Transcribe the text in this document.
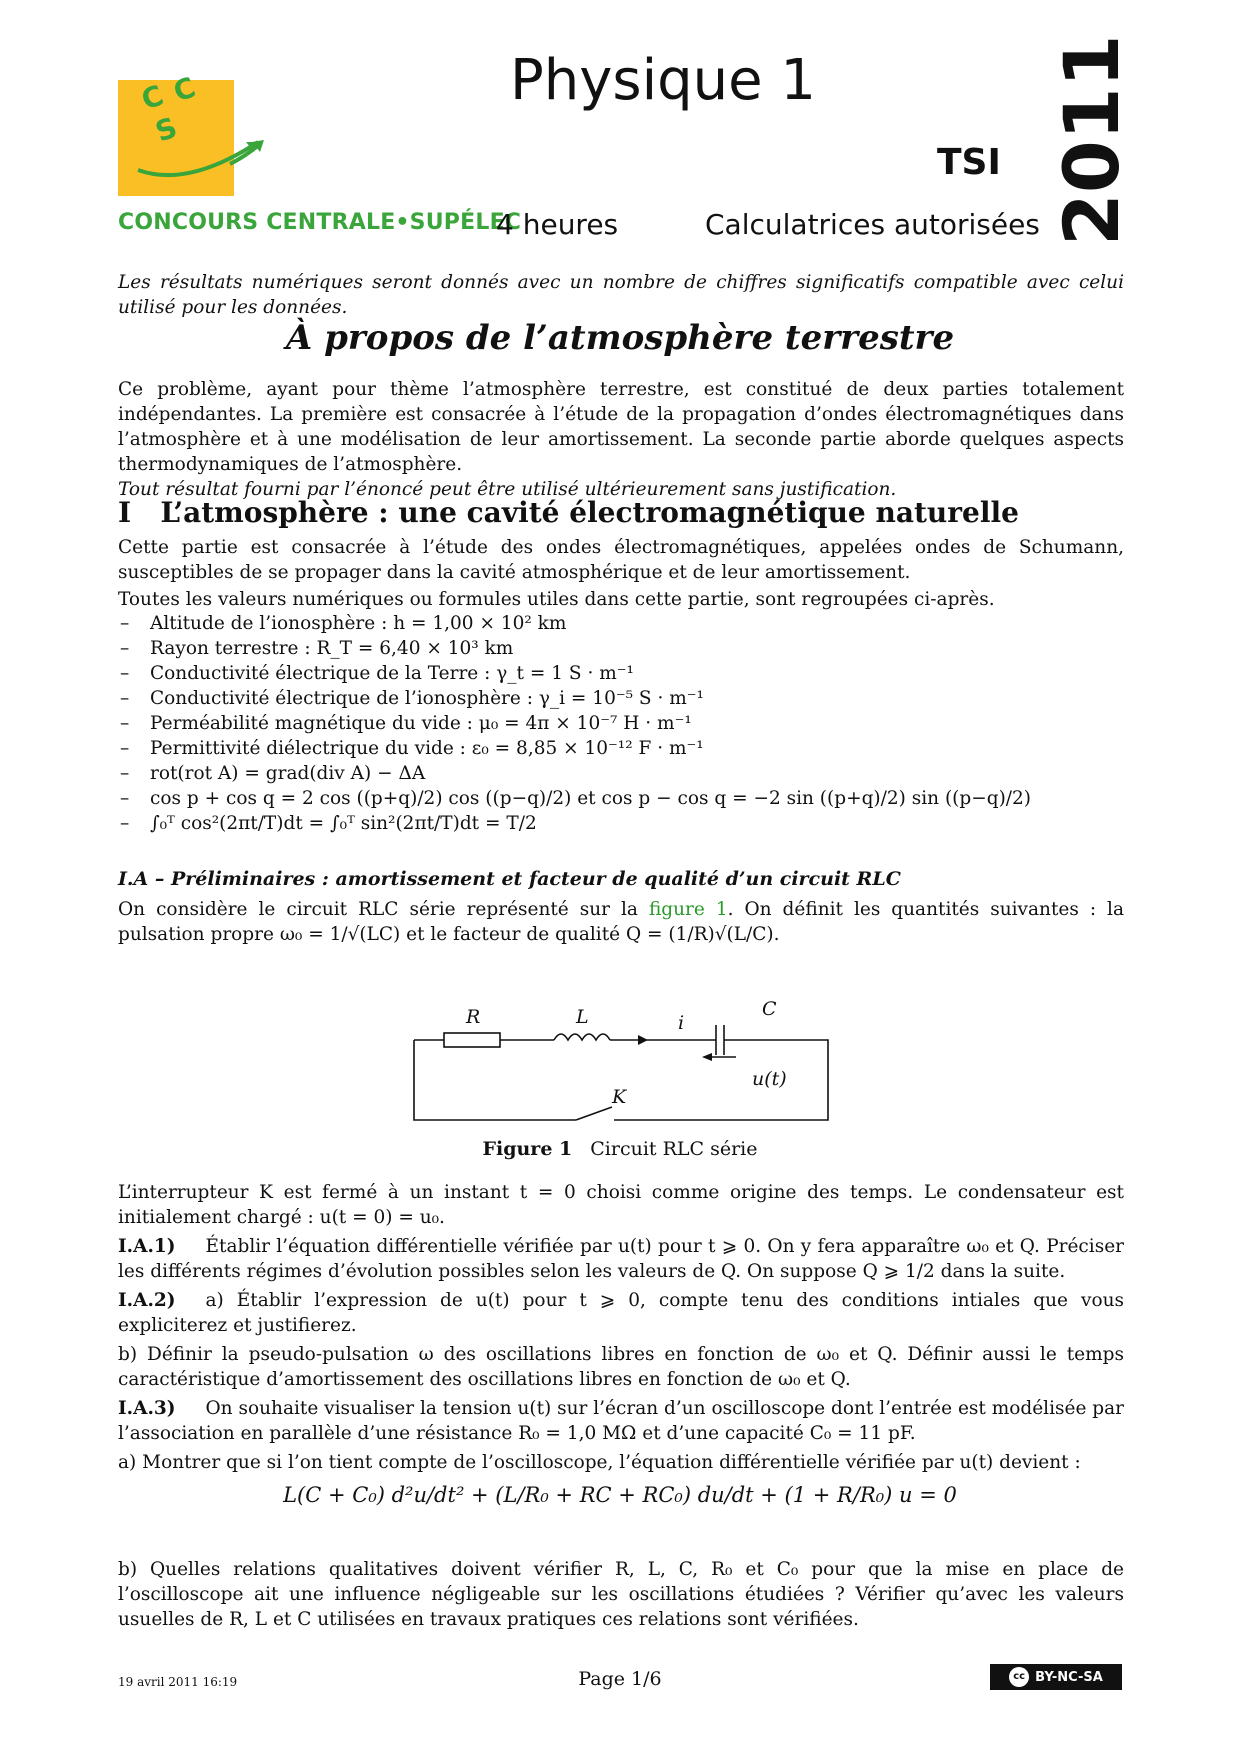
C C
S
CONCOURS CENTRALE•SUPÉLEC
Physique 1
TSI 2011
4 heures	Calculatrices autorisées
Les résultats numériques seront donnés avec un nombre de chiffres significatifs compatible avec celui utilisé pour les données.
À propos de l’atmosphère terrestre
Ce problème, ayant pour thème l’atmosphère terrestre, est constitué de deux parties totalement indépendantes. La première est consacrée à l’étude de la propagation d’ondes électromagnétiques dans l’atmosphère et à une modélisation de leur amortissement. La seconde partie aborde quelques aspects thermodynamiques de l’atmosphère.
Tout résultat fourni par l’énoncé peut être utilisé ultérieurement sans justification.
I   L’atmosphère : une cavité électromagnétique naturelle
Cette partie est consacrée à l’étude des ondes électromagnétiques, appelées ondes de Schumann, susceptibles de se propager dans la cavité atmosphérique et de leur amortissement.

Toutes les valeurs numériques ou formules utiles dans cette partie, sont regroupées ci-après.
– Altitude de l’ionosphère : h = 1,00 × 10² km
– Rayon terrestre : R_T = 6,40 × 10³ km
– Conductivité électrique de la Terre : γ_t = 1 S · m⁻¹
– Conductivité électrique de l’ionosphère : γ_i = 10⁻⁵ S · m⁻¹
– Perméabilité magnétique du vide : μ₀ = 4π × 10⁻⁷ H · m⁻¹
– Permittivité diélectrique du vide : ε₀ = 8,85 × 10⁻¹² F · m⁻¹
– rot(rot A) = grad(div A) − ΔA
– cos p + cos q = 2 cos ((p+q)/2) cos ((p−q)/2) et cos p − cos q = −2 sin ((p+q)/2) sin ((p−q)/2)
– ∫₀ᵀ cos²(2πt/T)dt = ∫₀ᵀ sin²(2πt/T)dt = T/2
I.A – Préliminaires : amortissement et facteur de qualité d’un circuit RLC
On considère le circuit RLC série représenté sur la figure 1. On définit les quantités suivantes : la pulsation propre ω₀ = 1/√(LC) et le facteur de qualité Q = (1/R)√(L/C).
R	L	i
C
u(t)
K
Figure 1 Circuit RLC série
L’interrupteur K est fermé à un instant t = 0 choisi comme origine des temps. Le condensateur est initialement chargé : u(t = 0) = u₀.
I.A.1) Établir l’équation différentielle vérifiée par u(t) pour t ⩾ 0. On y fera apparaître ω₀ et Q. Préciser les différents régimes d’évolution possibles selon les valeurs de Q. On suppose Q ⩾ 1/2 dans la suite.
I.A.2) a) Établir l’expression de u(t) pour t ⩾ 0, compte tenu des conditions intiales que vous expliciterez et justifierez.
b) Définir la pseudo-pulsation ω des oscillations libres en fonction de ω₀ et Q. Définir aussi le temps caractéristique d’amortissement des oscillations libres en fonction de ω₀ et Q.
I.A.3) On souhaite visualiser la tension u(t) sur l’écran d’un oscilloscope dont l’entrée est modélisée par l’association en parallèle d’une résistance R₀ = 1,0 MΩ et d’une capacité C₀ = 11 pF.
a) Montrer que si l’on tient compte de l’oscilloscope, l’équation différentielle vérifiée par u(t) devient :
L(C + C₀) d²u/dt² + (L/R₀ + RC + RC₀) du/dt + (1 + R/R₀) u = 0
b) Quelles relations qualitatives doivent vérifier R, L, C, R₀ et C₀ pour que la mise en place de l’oscilloscope ait une influence négligeable sur les oscillations étudiées ? Vérifier qu’avec les valeurs usuelles de R, L et C utilisées en travaux pratiques ces relations sont vérifiées.
19 avril 2011 16:19	Page 1/6	cc BY-NC-SA
